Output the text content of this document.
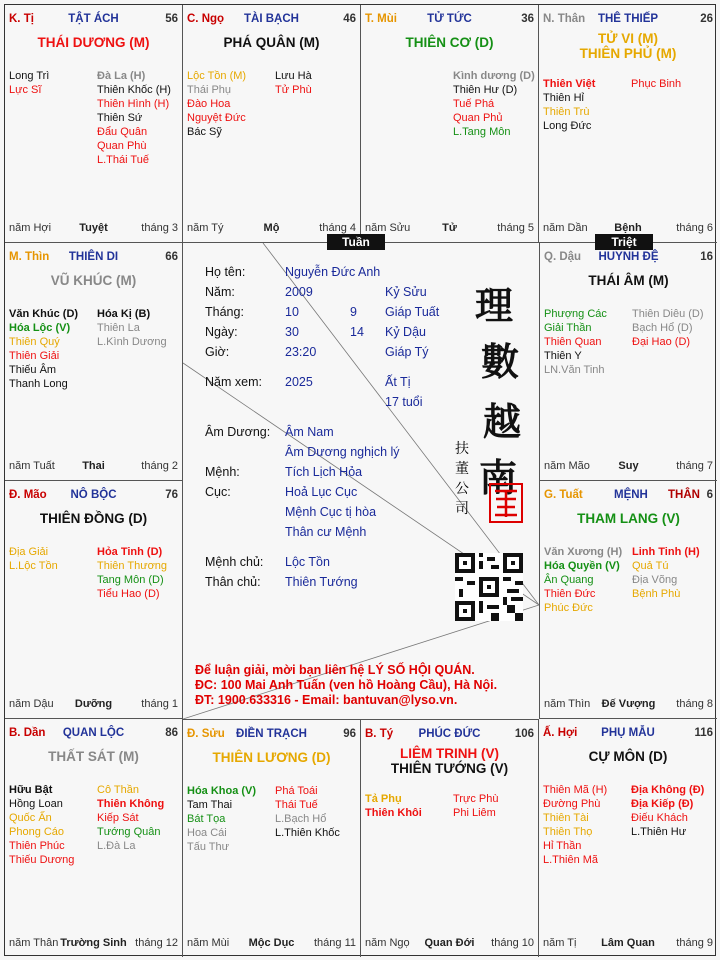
K. Tị	TẬT ÁCH	56
THÁI DƯƠNG (M)
Long Trì
Lực Sĩ
Đà La (H)
Thiên Khốc (H)
Thiên Hình (H)
Thiên Sứ
Đẩu Quân
Quan Phù
L.Thái Tuế
năm Hợi	Tuyệt	tháng 3
C. Ngọ	TÀI BẠCH	46
PHÁ QUÂN (M)
Lộc Tồn (M)
Thái Phụ
Đào Hoa
Nguyệt Đức
Bác Sỹ
Lưu Hà
Tử Phù
năm Tý	Mộ	tháng 4
T. Mùi	TỬ TỨC	36
THIÊN CƠ (D)
Kình dương (D)
Thiên Hư (D)
Tuế Phá
Quan Phủ
L.Tang Môn
năm Sửu	Tử	tháng 5
N. Thân	THÊ THIẾP	26
TỬ VI (M)
THIÊN PHỦ (M)
Thiên Việt
Thiên Hỉ
Thiên Trù
Long Đức
Phục Binh
năm Dần	Bệnh	tháng 6
M. Thìn	THIÊN DI	66
VŨ KHÚC (M)
Văn Khúc (D)
Hóa Lộc (V)
Thiên Quý
Thiên Giải
Thiếu Âm
Thanh Long
Hóa Kị (B)
Thiên La
L.Kình Dương
năm Tuất	Thai	tháng 2
Q. Dậu	HUYNH ĐỆ	16
THÁI ÂM (M)
Phượng Các
Giải Thần
Thiên Quan
Thiên Y
LN.Văn Tinh
Thiên Diêu (D)
Bạch Hổ (D)
Đại Hao (D)
năm Mão	Suy	tháng 7
Đ. Mão	NÔ BỘC	76
THIÊN ĐỒNG (D)
Địa Giải
L.Lộc Tồn
Hỏa Tinh (D)
Thiên Thương
Tang Môn (D)
Tiểu Hao (D)
năm Dậu	Dưỡng	tháng 1
G. Tuất	MỆNH	THÂN 6
THAM LANG (V)
Văn Xương (H)
Hóa Quyền (V)
Ân Quang
Thiên Đức
Phúc Đức
Linh Tinh (H)
Quả Tú
Địa Võng
Bệnh Phù
năm Thìn	Đế Vượng	tháng 8
B. Dần	QUAN LỘC	86
THẤT SÁT (M)
Hữu Bật
Hồng Loan
Quốc Ấn
Phong Cáo
Thiên Phúc
Thiếu Dương
Cô Thần
Thiên Không
Kiếp Sát
Tướng Quân
L.Đà La
năm Thân Trường Sinh tháng 12
Đ. Sửu ĐIỀN TRẠCH	96
THIÊN LƯƠNG (D)
Hóa Khoa (V)
Tam Thai
Bát Tọa
Hoa Cái
Tấu Thư
Phá Toái
Thái Tuế
L.Bạch Hổ
L.Thiên Khốc
năm Mùi	Mộc Dục	tháng 11
B. Tý	PHÚC ĐỨC	106
LIÊM TRINH (V)
THIÊN TƯỚNG (V)
Tả Phụ
Thiên Khôi
Trực Phù
Phi Liêm
năm Ngọ	Quan Đới	tháng 10
Ấ. Hợi	PHỤ MẪU	116
CỰ MÔN (D)
Thiên Mã (H)
Đường Phù
Thiên Tài
Thiên Thọ
Hỉ Thần
L.Thiên Mã
Địa Không (Đ)
Địa Kiếp (Đ)
Điếu Khách
L.Thiên Hư
năm Tị	Lâm Quan	tháng 9
Họ tên:	Nguyễn Đức Anh
Năm:	2009	Kỷ Sửu
Tháng:	10	9 Giáp Tuất
Ngày:	30	14 Kỷ Dậu
Giờ:	23:20	Giáp Tý
Năm xem: 2025	Ất Tị
17 tuổi
Âm Dương: Âm Nam
Âm Dương nghịch lý
Mệnh:	Tích Lịch Hỏa
Cục:	Hoả Lục Cục
Mệnh Cục tị hòa
Thân cư Mệnh
Mệnh chủ: Lộc Tồn
Thân chủ: Thiên Tướng
理
數
越
南
扶
董
公
司
Để luận giải, mời bạn liên hệ LÝ SỐ HỘI QUÁN.
ĐC: 100 Mai Anh Tuấn (ven hồ Hoàng Cầu), Hà Nội.
ĐT: 1900.633316 - Email: bantuvan@lyso.vn.
Tuần	Triệt
